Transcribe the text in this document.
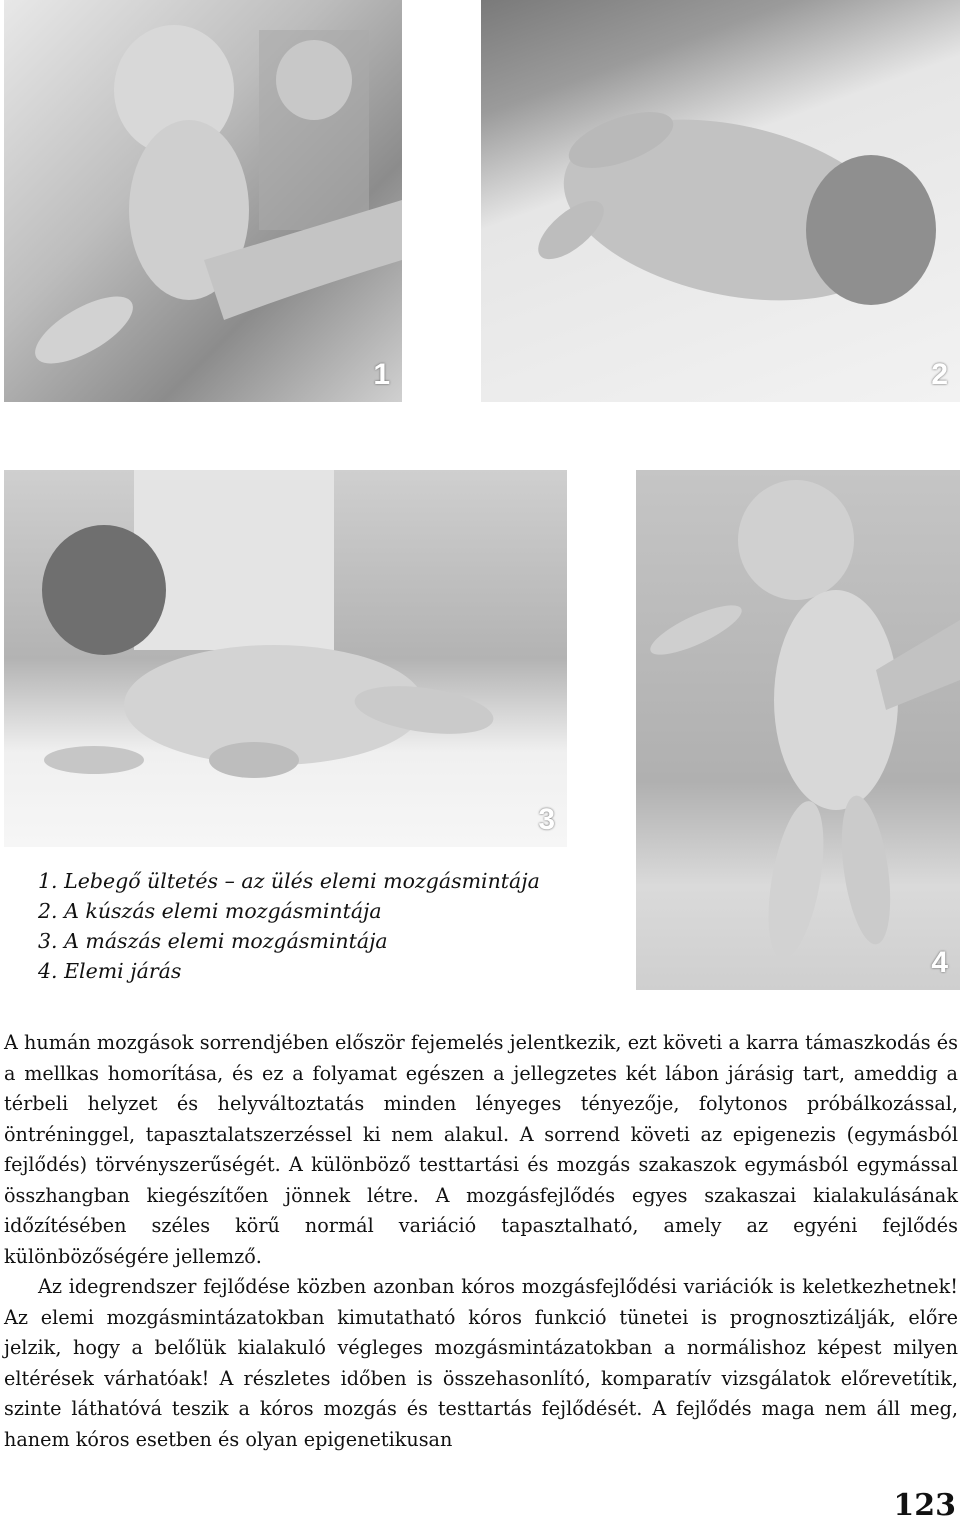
1	2
3
4
1. Lebegő ültetés – az ülés elemi mozgásmintája
2. A kúszás elemi mozgásmintája
3. A mászás elemi mozgásmintája
4. Elemi járás

A humán mozgások sorrendjében először fejemelés jelentkezik, ezt követi a karra támaszkodás és a mellkas homorítása, és ez a folyamat egészen a jellegzetes két lábon járásig tart, ameddig a térbeli helyzet és helyváltoztatás minden lényeges tényezője, folytonos próbálkozással, öntréninggel, tapasztalatszerzéssel ki nem alakul. A sorrend követi az epigenezis (egymásból fejlődés) törvényszerűségét. A különböző testtartási és mozgás szakaszok egymásból egymással összhangban kiegészítően jönnek létre. A mozgásfejlődés egyes szakaszai kialakulásának időzítésében széles körű normál variáció tapasztalható, amely az egyéni fejlődés különbözőségére jellemző.

Az idegrendszer fejlődése közben azonban kóros mozgásfejlődési variációk is keletkezhetnek! Az elemi mozgásmintázatokban kimutatható kóros funkció tünetei is prognosztizálják, előre jelzik, hogy a belőlük kialakuló végleges mozgásmintázatokban a normálishoz képest milyen eltérések várhatóak! A részletes időben is összehasonlító, komparatív vizsgálatok előrevetítik, szinte láthatóvá teszik a kóros mozgás és testtartás fejlődését. A fejlődés maga nem áll meg, hanem kóros esetben és olyan epigenetikusan

123
